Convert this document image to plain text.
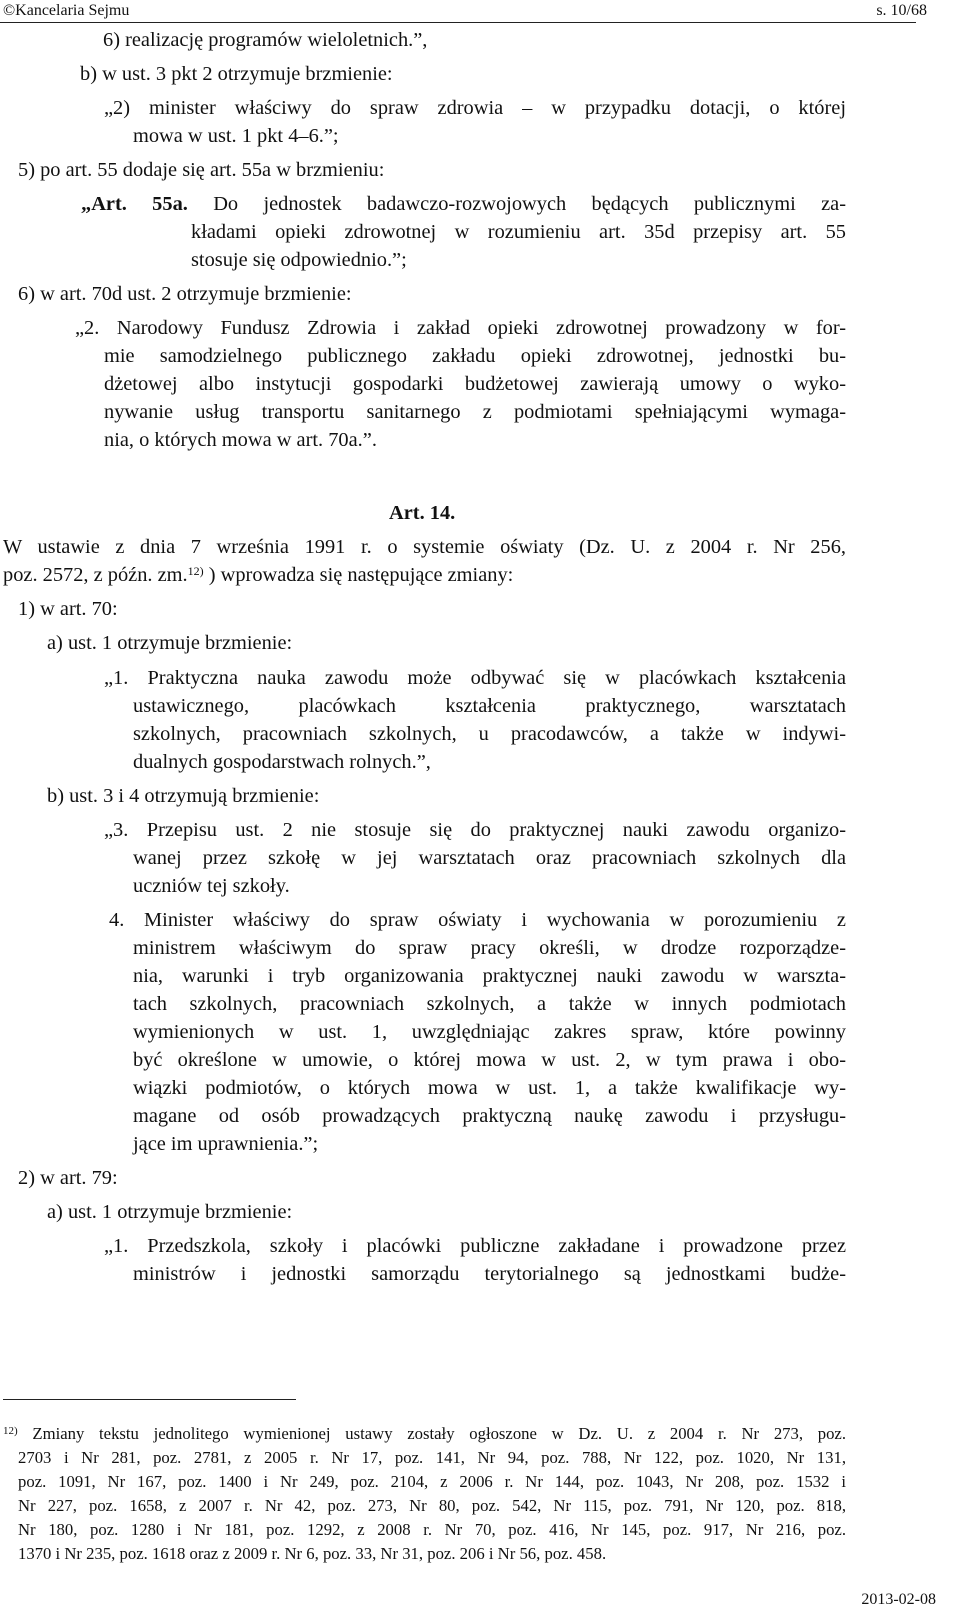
©Kancelaria Sejmu	s. 10/68
6) realizację programów wieloletnich.”,
b) w ust. 3 pkt 2 otrzymuje brzmienie:
„2) minister właściwy do spraw zdrowia – w przypadku dotacji, o której
mowa w ust. 1 pkt 4–6.”;
5) po art. 55 dodaje się art. 55a w brzmieniu:
„Art. 55a. Do jednostek badawczo-rozwojowych będących publicznymi za-
kładami opieki zdrowotnej w rozumieniu art. 35d przepisy art. 55
stosuje się odpowiednio.”;
6) w art. 70d ust. 2 otrzymuje brzmienie:
„2. Narodowy Fundusz Zdrowia i zakład opieki zdrowotnej prowadzony w for-
mie samodzielnego publicznego zakładu opieki zdrowotnej, jednostki bu-
dżetowej albo instytucji gospodarki budżetowej zawierają umowy o wyko-
nywanie usług transportu sanitarnego z podmiotami spełniającymi wymaga-
nia, o których mowa w art. 70a.”.
Art. 14.
W ustawie z dnia 7 września 1991 r. o systemie oświaty (Dz. U. z 2004 r. Nr 256,
poz. 2572, z późn. zm.$^{12)}$ ) wprowadza się następujące zmiany:
1) w art. 70:
a) ust. 1 otrzymuje brzmienie:
„1. Praktyczna nauka zawodu może odbywać się w placówkach kształcenia
ustawicznego, placówkach kształcenia praktycznego, warsztatach
szkolnych, pracowniach szkolnych, u pracodawców, a także w indywi-
dualnych gospodarstwach rolnych.”,
b) ust. 3 i 4 otrzymują brzmienie:
„3. Przepisu ust. 2 nie stosuje się do praktycznej nauki zawodu organizo-
wanej przez szkołę w jej warsztatach oraz pracowniach szkolnych dla
uczniów tej szkoły.
4. Minister właściwy do spraw oświaty i wychowania w porozumieniu z
ministrem właściwym do spraw pracy określi, w drodze rozporządze-
nia, warunki i tryb organizowania praktycznej nauki zawodu w warszta-
tach szkolnych, pracowniach szkolnych, a także w innych podmiotach
wymienionych w ust. 1, uwzględniając zakres spraw, które powinny
być określone w umowie, o której mowa w ust. 2, w tym prawa i obo-
wiązki podmiotów, o których mowa w ust. 1, a także kwalifikacje wy-
magane od osób prowadzących praktyczną naukę zawodu i przysługu-
jące im uprawnienia.”;
2) w art. 79:
a) ust. 1 otrzymuje brzmienie:
„1. Przedszkola, szkoły i placówki publiczne zakładane i prowadzone przez
ministrów i jednostki samorządu terytorialnego są jednostkami budże-
$^{12)}$ Zmiany tekstu jednolitego wymienionej ustawy zostały ogłoszone w Dz. U. z 2004 r. Nr 273, poz.
2703 i Nr 281, poz. 2781, z 2005 r. Nr 17, poz. 141, Nr 94, poz. 788, Nr 122, poz. 1020, Nr 131,
poz. 1091, Nr 167, poz. 1400 i Nr 249, poz. 2104, z 2006 r. Nr 144, poz. 1043, Nr 208, poz. 1532 i
Nr 227, poz. 1658, z 2007 r. Nr 42, poz. 273, Nr 80, poz. 542, Nr 115, poz. 791, Nr 120, poz. 818,
Nr 180, poz. 1280 i Nr 181, poz. 1292, z 2008 r. Nr 70, poz. 416, Nr 145, poz. 917, Nr 216, poz.
1370 i Nr 235, poz. 1618 oraz z 2009 r. Nr 6, poz. 33, Nr 31, poz. 206 i Nr 56, poz. 458.
2013-02-08
